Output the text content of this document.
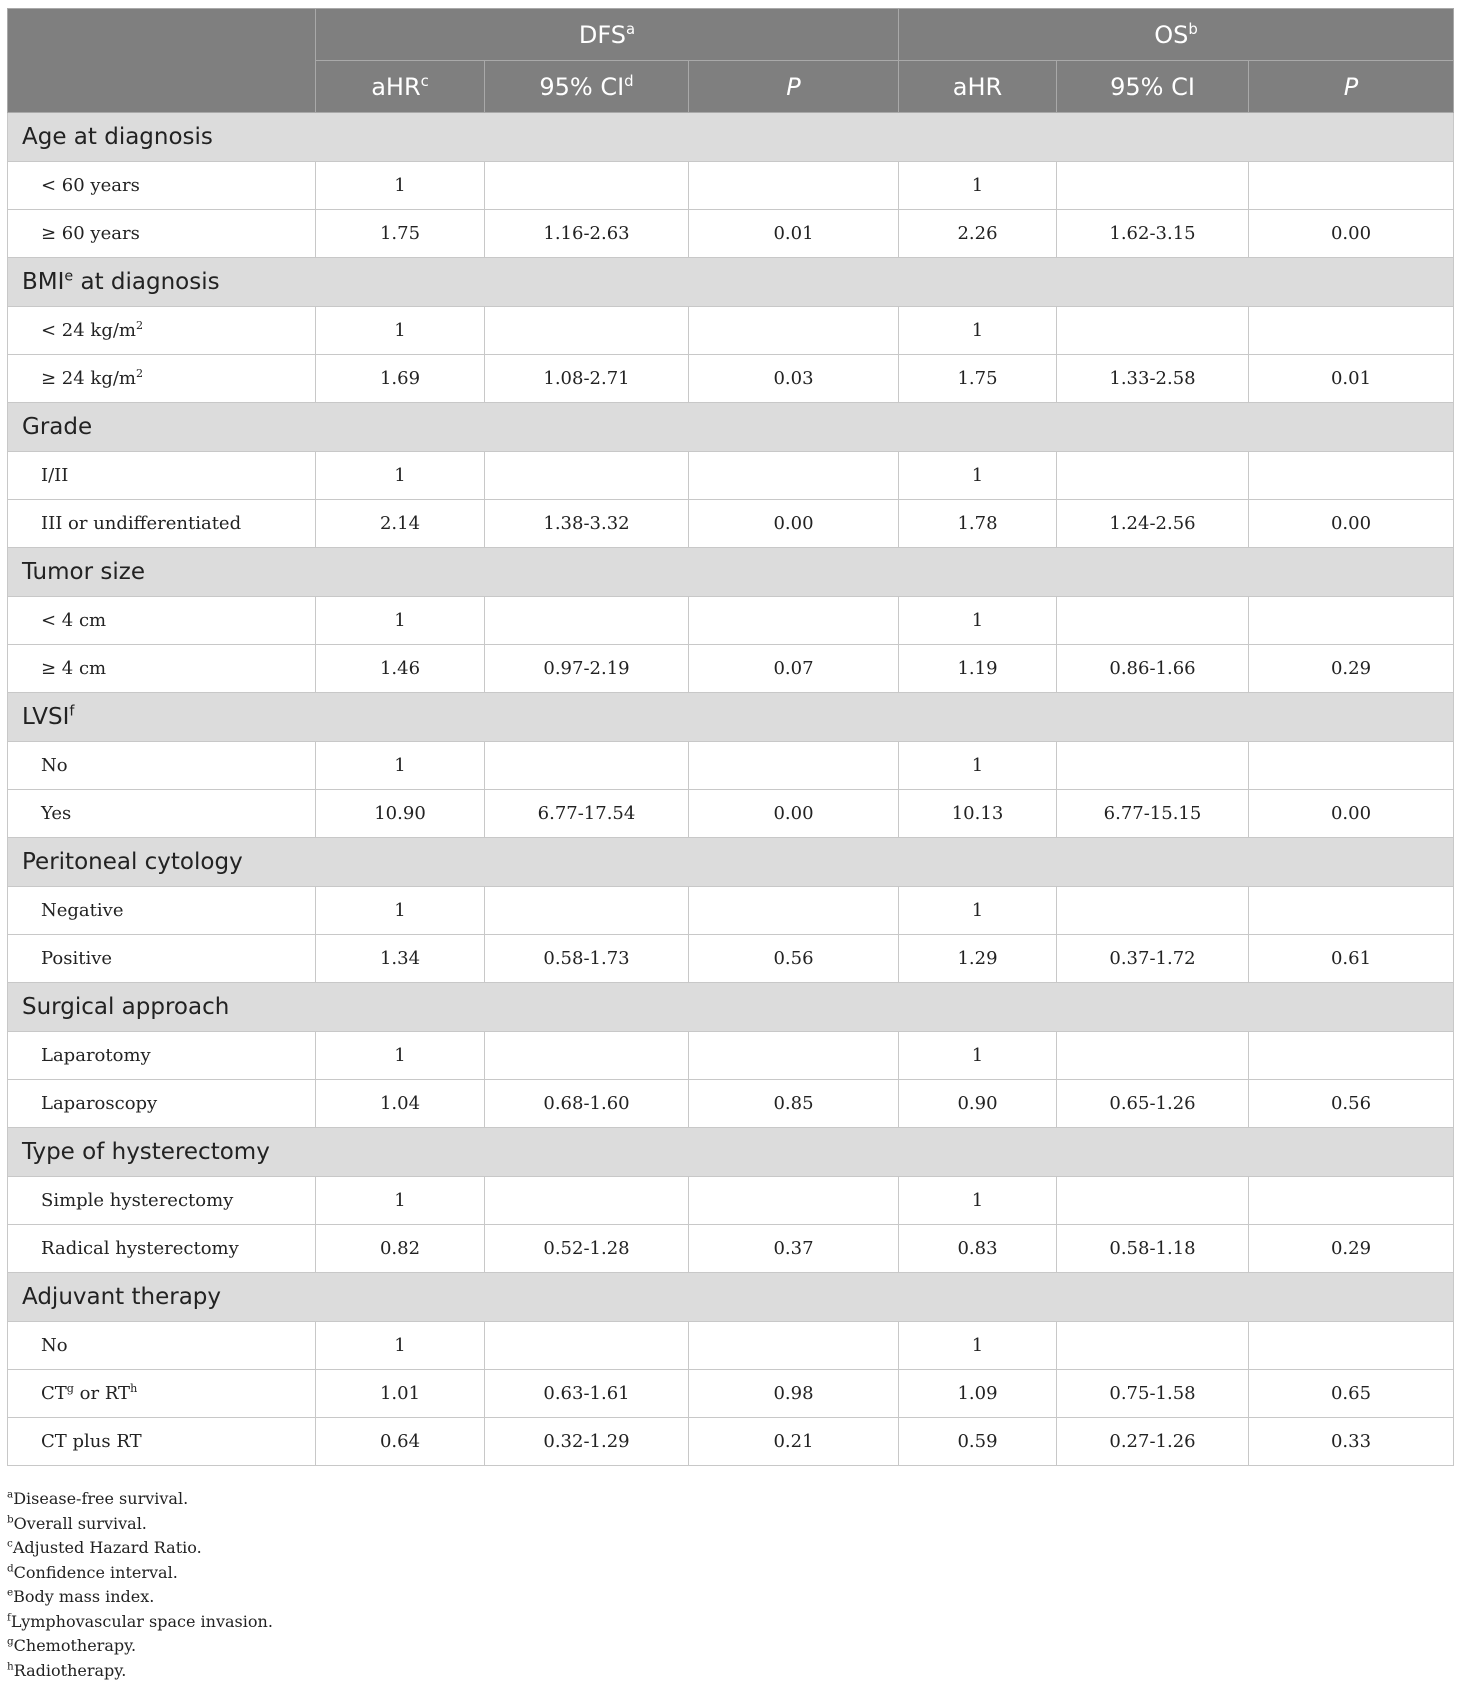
	DFS$^a$			$OS^b$
	aHR$^c$	95% $CI^d$	P	aHR	95% CI	P
Age at diagnosis						
< 60 years	1			1		
≥ 60 years	1.75	1.16-2.63	0.01	2.26	1.62-3.15	0.00
BMI$^e$ at diagnosis						
< 24 $kg/m^2$	1			1		
≥ 24 $kg/m^2$	1.69	1.08-2.71	0.03	1.75	1.33-2.58	0.01
Grade						
I/II	1			1		
III or undifferentiated	2.14	1.38-3.32	0.00	1.78	1.24-2.56	0.00
Tumor size						
< 4 cm	1			1		
≥ 4 cm	1.46	0.97-2.19	0.07	1.19	0.86-1.66	0.29
LVSI$^f$
No	1			1		
Yes	10.90	6.77-17.54	0.00	10.13	6.77-15.15	0.00
Peritoneal cytology						
Negative	1			1		
Positive	1.34	0.58-1.73	0.56	1.29	0.37-1.72	0.61
Surgical approach						
Laparotomy	1			1		
Laparoscopy	1.04	0.68-1.60	0.85	0.90	0.65-1.26	0.56
Type of hysterectomy						
Simple hysterectomy	1			1		
Radical hysterectomy	0.82	0.52-1.28	0.37	0.83	0.58-1.18	0.29
Adjuvant therapy						
No	1			1		
$CT^g$ or $RT^h$	1.01	0.63-1.61	0.98	1.09	0.75-1.58	0.65
CT plus RT	0.64	0.32-1.29	0.21	0.59	0.27-1.26	0.33
$^a$Disease-free survival.
$^b$Overall survival.
$^c$Adjusted Hazard Ratio.
$^d$Confidence interval.
$^e$Body mass index.
$^f$Lymphovascular space invasion.
$^g$Chemotherapy.
$^h$Radiotherapy.
